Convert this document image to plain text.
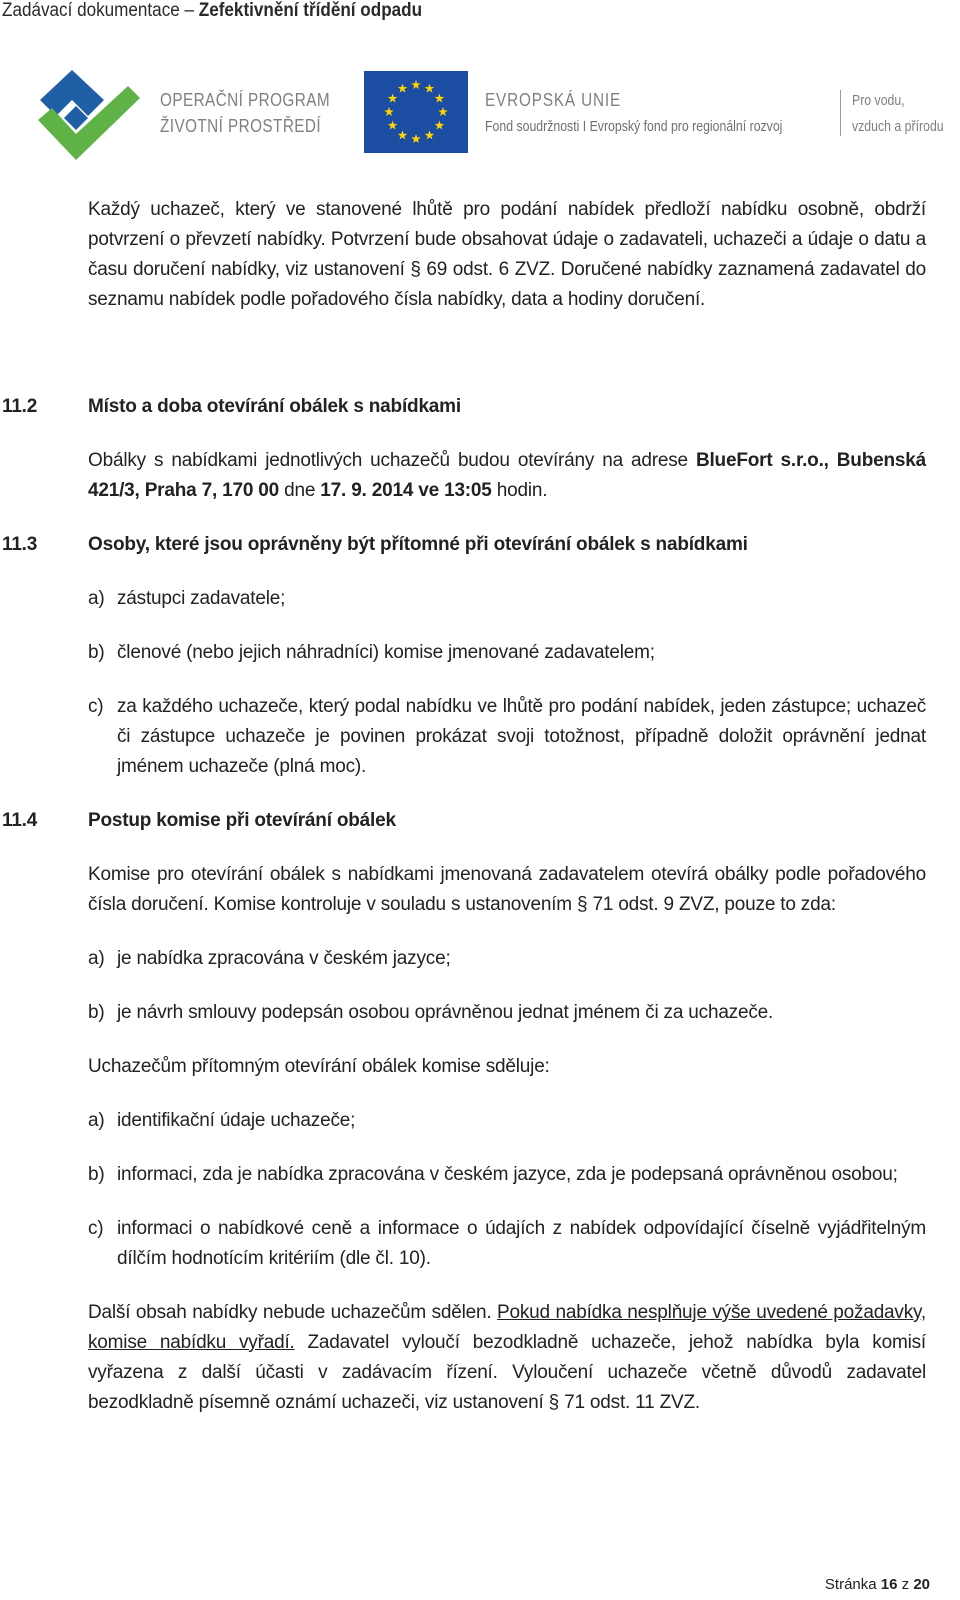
Zadávací dokumentace – Zefektivnění třídění odpadu
OPERAČNÍ PROGRAM
ŽIVOTNÍ PROSTŘEDÍ
EVROPSKÁ UNIE
Fond soudržnosti I Evropský fond pro regionální rozvoj
Pro vodu,
vzduch a přírodu
Každý uchazeč, který ve stanovené lhůtě pro podání nabídek předloží nabídku osobně, obdrží potvrzení o převzetí nabídky. Potvrzení bude obsahovat údaje o zadavateli, uchazeči a údaje o datu a času doručení nabídky, viz ustanovení § 69 odst. 6 ZVZ. Doručené nabídky zaznamená zadavatel do seznamu nabídek podle pořadového čísla nabídky, data a hodiny doručení.
11.2	Místo a doba otevírání obálek s nabídkami
Obálky s nabídkami jednotlivých uchazečů budou otevírány na adrese BlueFort s.r.o., Bubenská 421/3, Praha 7, 170 00 dne 17. 9. 2014 ve 13:05 hodin.
11.3	Osoby, které jsou oprávněny být přítomné při otevírání obálek s nabídkami
a) zástupci zadavatele;
b) členové (nebo jejich náhradníci) komise jmenované zadavatelem;
c) za každého uchazeče, který podal nabídku ve lhůtě pro podání nabídek, jeden zástupce; uchazeč či zástupce uchazeče je povinen prokázat svoji totožnost, případně doložit oprávnění jednat jménem uchazeče (plná moc).
11.4	Postup komise při otevírání obálek
Komise pro otevírání obálek s nabídkami jmenovaná zadavatelem otevírá obálky podle pořadového čísla doručení. Komise kontroluje v souladu s ustanovením § 71 odst. 9 ZVZ, pouze to zda:
a) je nabídka zpracována v českém jazyce;
b) je návrh smlouvy podepsán osobou oprávněnou jednat jménem či za uchazeče.
Uchazečům přítomným otevírání obálek komise sděluje:
a) identifikační údaje uchazeče;
b) informaci, zda je nabídka zpracována v českém jazyce, zda je podepsaná oprávněnou osobou;
c) informaci o nabídkové ceně a informace o údajích z nabídek odpovídající číselně vyjádřitelným dílčím hodnotícím kritériím (dle čl. 10).
Další obsah nabídky nebude uchazečům sdělen. Pokud nabídka nesplňuje výše uvedené požadavky, komise nabídku vyřadí. Zadavatel vyloučí bezodkladně uchazeče, jehož nabídka byla komisí vyřazena z další účasti v zadávacím řízení. Vyloučení uchazeče včetně důvodů zadavatel bezodkladně písemně oznámí uchazeči, viz ustanovení § 71 odst. 11 ZVZ.
Stránka 16 z 20
